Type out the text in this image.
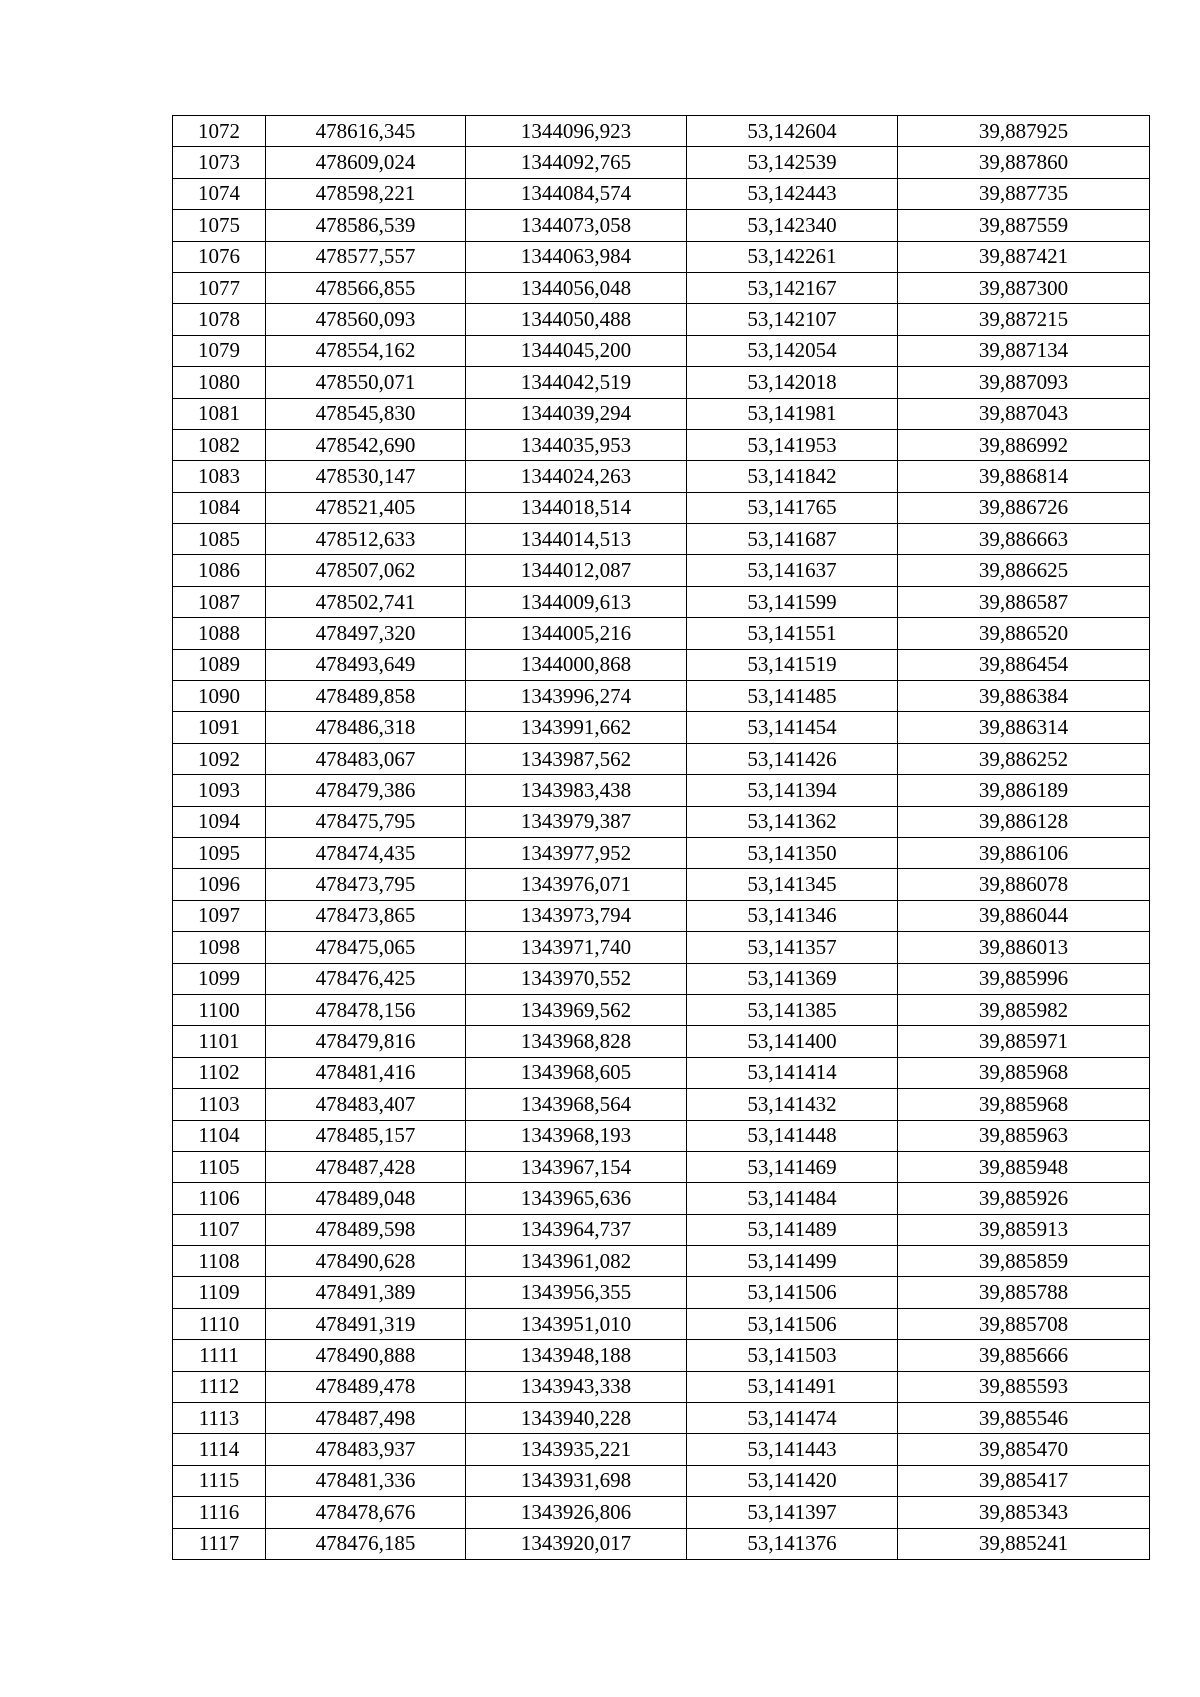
1072	478616,345	1344096,923	53,142604	39,887925
1073	478609,024	1344092,765	53,142539	39,887860
1074	478598,221	1344084,574	53,142443	39,887735
1075	478586,539	1344073,058	53,142340	39,887559
1076	478577,557	1344063,984	53,142261	39,887421
1077	478566,855	1344056,048	53,142167	39,887300
1078	478560,093	1344050,488	53,142107	39,887215
1079	478554,162	1344045,200	53,142054	39,887134
1080	478550,071	1344042,519	53,142018	39,887093
1081	478545,830	1344039,294	53,141981	39,887043
1082	478542,690	1344035,953	53,141953	39,886992
1083	478530,147	1344024,263	53,141842	39,886814
1084	478521,405	1344018,514	53,141765	39,886726
1085	478512,633	1344014,513	53,141687	39,886663
1086	478507,062	1344012,087	53,141637	39,886625
1087	478502,741	1344009,613	53,141599	39,886587
1088	478497,320	1344005,216	53,141551	39,886520
1089	478493,649	1344000,868	53,141519	39,886454
1090	478489,858	1343996,274	53,141485	39,886384
1091	478486,318	1343991,662	53,141454	39,886314
1092	478483,067	1343987,562	53,141426	39,886252
1093	478479,386	1343983,438	53,141394	39,886189
1094	478475,795	1343979,387	53,141362	39,886128
1095	478474,435	1343977,952	53,141350	39,886106
1096	478473,795	1343976,071	53,141345	39,886078
1097	478473,865	1343973,794	53,141346	39,886044
1098	478475,065	1343971,740	53,141357	39,886013
1099	478476,425	1343970,552	53,141369	39,885996
1100	478478,156	1343969,562	53,141385	39,885982
1101	478479,816	1343968,828	53,141400	39,885971
1102	478481,416	1343968,605	53,141414	39,885968
1103	478483,407	1343968,564	53,141432	39,885968
1104	478485,157	1343968,193	53,141448	39,885963
1105	478487,428	1343967,154	53,141469	39,885948
1106	478489,048	1343965,636	53,141484	39,885926
1107	478489,598	1343964,737	53,141489	39,885913
1108	478490,628	1343961,082	53,141499	39,885859
1109	478491,389	1343956,355	53,141506	39,885788
1110	478491,319	1343951,010	53,141506	39,885708
1111	478490,888	1343948,188	53,141503	39,885666
1112	478489,478	1343943,338	53,141491	39,885593
1113	478487,498	1343940,228	53,141474	39,885546
1114	478483,937	1343935,221	53,141443	39,885470
1115	478481,336	1343931,698	53,141420	39,885417
1116	478478,676	1343926,806	53,141397	39,885343
1117	478476,185	1343920,017	53,141376	39,885241
